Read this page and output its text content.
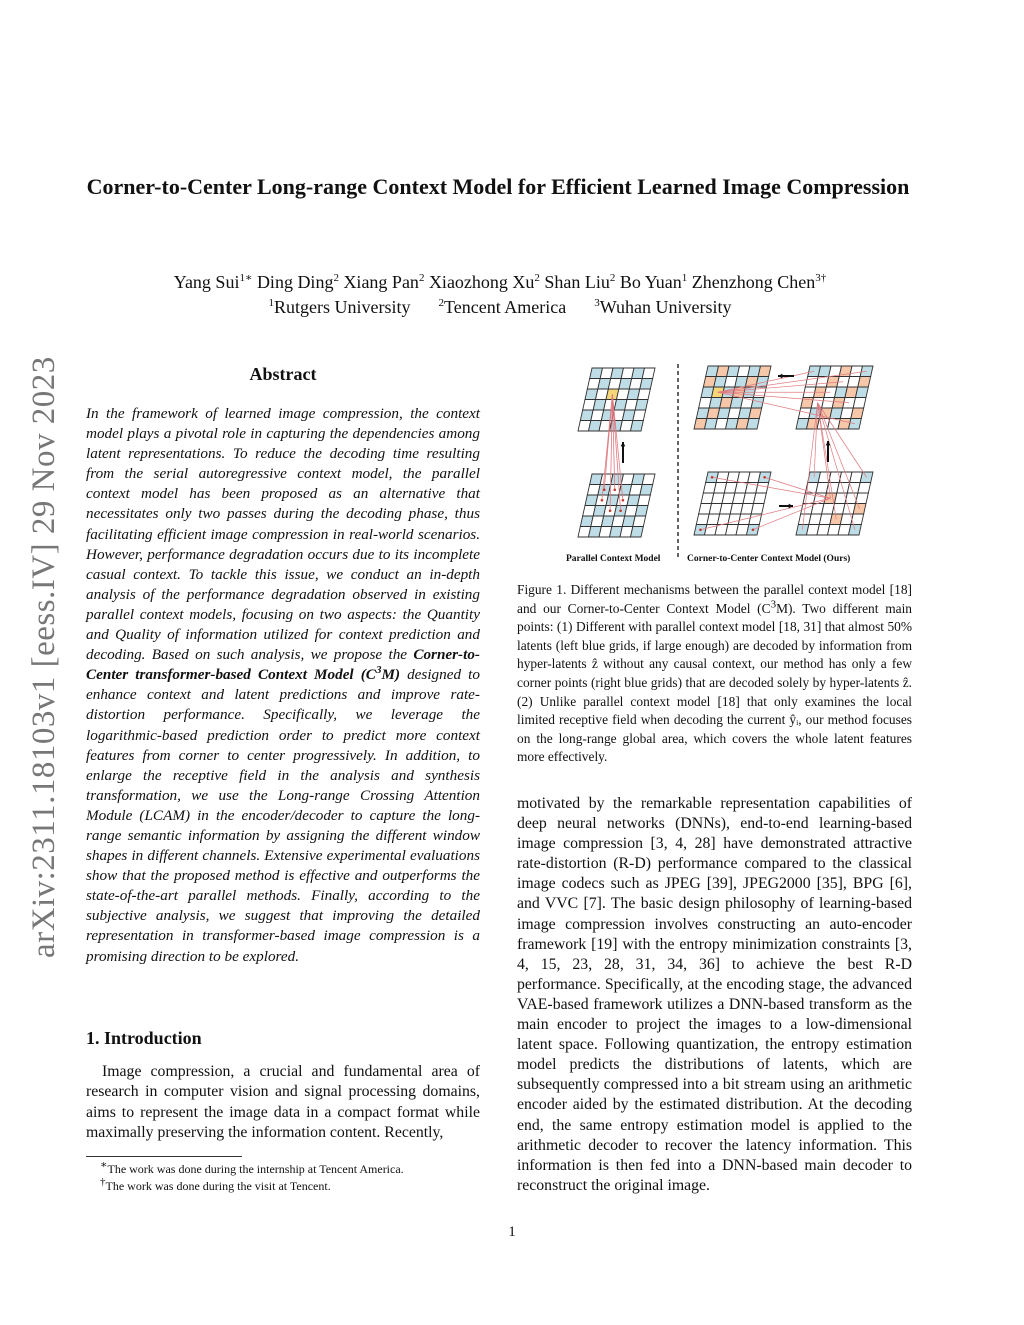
Corner-to-Center Long-range Context Model for Efficient Learned Image Compression
Yang Sui$^{1∗}$ Ding Ding$^2$ Xiang Pan$^2$ Xiaozhong Xu$^2$ Shan Liu$^2$ Bo Yuan$^1$ Zhenzhong Chen$^{3\dagger}$
$^1$Rutgers University	$^2$Tencent America	$^3$Wuhan University
arXiv:2311.18103v1 [eess.IV] 29 Nov 2023	Abstract
In the framework of learned image compression, the context model plays a pivotal role in capturing the dependencies among latent representations. To reduce the decoding time resulting from the serial autoregressive context model, the parallel context model has been proposed as an alternative that necessitates only two passes during the decoding phase, thus facilitating efficient image compression in real-world scenarios. However, performance degradation occurs due to its incomplete casual context. To tackle this issue, we conduct an in-depth analysis of the performance degradation observed in existing parallel context models, focusing on two aspects: the Quantity and Quality of information utilized for context prediction and decoding. Based on such analysis, we propose the Corner-to-Center transformer-based Context Model $(C^3M)$ designed to enhance context and latent predictions and improve rate-distortion performance. Specifically, we leverage the logarithmic-based prediction order to predict more context features from corner to center progressively. In addition, to enlarge the receptive field in the analysis and synthesis transformation, we use the Long-range Crossing Attention Module (LCAM) in the encoder/decoder to capture the long-range semantic information by assigning the different window shapes in different channels. Extensive experimental evaluations show that the proposed method is effective and outperforms the state-of-the-art parallel methods. Finally, according to the subjective analysis, we suggest that improving the detailed representation in transformer-based image compression is a promising direction to be explored.
1. Introduction
Image compression, a crucial and fundamental area of research in computer vision and signal processing domains, aims to represent the image data in a compact format while maximally preserving the information content. Recently,
∗The work was done during the internship at Tencent America.
†The work was done during the visit at Tencent.
Parallel Context Model	Corner-to-Center Context Model (Ours)
Figure 1. Different mechanisms between the parallel context model [18] and our Corner-to-Center Context Model $(C^3M)$. Two different main points: (1) Different with parallel context model [18, 31] that almost 50% latents (left blue grids, if large enough) are decoded by information from hyper-latents ẑ without any causal context, our method has only a few corner points (right blue grids) that are decoded solely by hyper-latents ẑ. (2) Unlike parallel context model [18] that only examines the local limited receptive field when decoding the current ŷᵢ, our method focuses on the long-range global area, which covers the whole latent features more effectively.
motivated by the remarkable representation capabilities of deep neural networks (DNNs), end-to-end learning-based image compression [3, 4, 28] have demonstrated attractive rate-distortion (R-D) performance compared to the classical image codecs such as JPEG [39], JPEG2000 [35], BPG [6], and VVC [7]. The basic design philosophy of learning-based image compression involves constructing an auto-encoder framework [19] with the entropy minimization constraints [3, 4, 15, 23, 28, 31, 34, 36] to achieve the best R-D performance. Specifically, at the encoding stage, the advanced VAE-based framework utilizes a DNN-based transform as the main encoder to project the images to a low-dimensional latent space. Following quantization, the entropy estimation model predicts the distributions of latents, which are subsequently compressed into a bit stream using an arithmetic encoder aided by the estimated distribution. At the decoding end, the same entropy estimation model is applied to the arithmetic decoder to recover the latency information. This information is then fed into a DNN-based main decoder to reconstruct the original image.
1
